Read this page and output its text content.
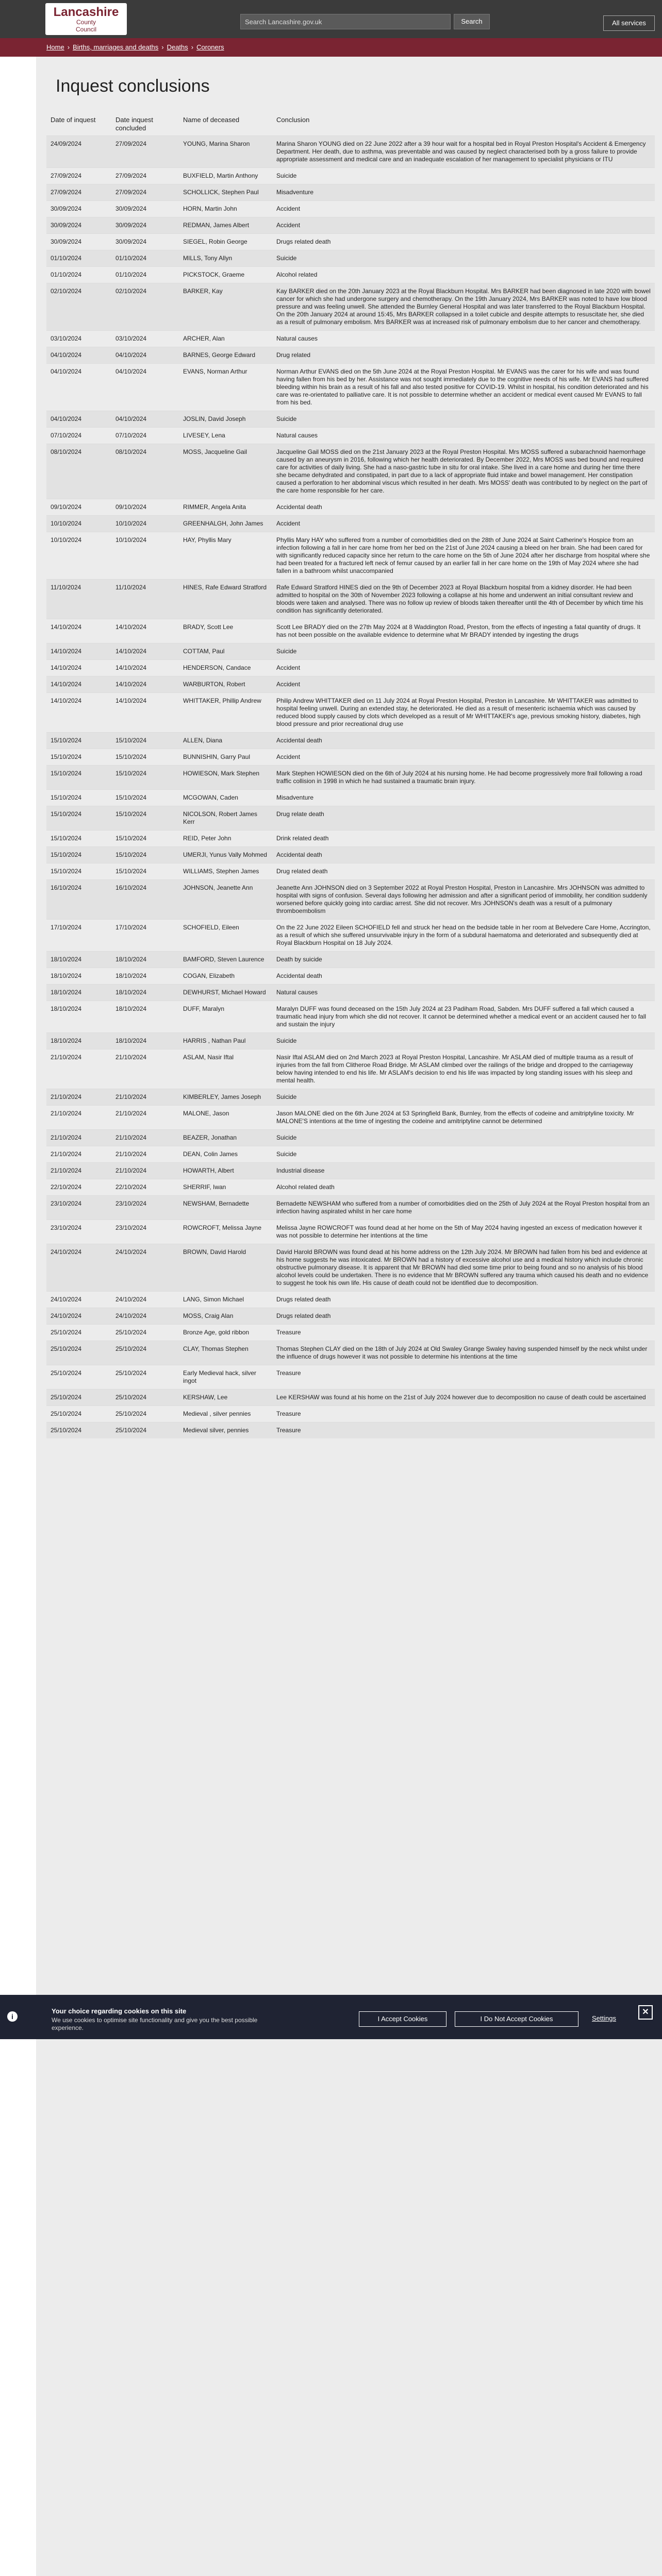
Lancashire
County
Council
Search Lancashire.gov.uk	Search	All services
Home › Births, marriages and deaths › Deaths › Coroners
Inquest conclusions
Date of inquest	Date inquest concluded	Name of deceased	Conclusion
24/09/2024	27/09/2024	YOUNG, Marina Sharon	Marina Sharon YOUNG died on 22 June 2022 after a 39 hour wait for a hospital bed in Royal Preston Hospital's Accident & Emergency Department. Her death, due to asthma, was preventable and was caused by neglect characterised both by a gross failure to provide appropriate assessment and medical care and an inadequate escalation of her management to specialist physicians or ITU
27/09/2024	27/09/2024	BUXFIELD, Martin Anthony	Suicide
27/09/2024	27/09/2024	SCHOLLICK, Stephen Paul	Misadventure
30/09/2024	30/09/2024	HORN, Martin John	Accident
30/09/2024	30/09/2024	REDMAN, James Albert	Accident
30/09/2024	30/09/2024	SIEGEL, Robin George	Drugs related death
01/10/2024	01/10/2024	MILLS, Tony Allyn	Suicide
01/10/2024	01/10/2024	PICKSTOCK, Graeme	Alcohol related
02/10/2024	02/10/2024	BARKER, Kay	Kay BARKER died on the 20th January 2023 at the Royal Blackburn Hospital. Mrs BARKER had been diagnosed in late 2020 with bowel cancer for which she had undergone surgery and chemotherapy. On the 19th January 2024, Mrs BARKER was noted to have low blood pressure and was feeling unwell. She attended the Burnley General Hospital and was later transferred to the Royal Blackburn Hospital. On the 20th January 2024 at around 15:45, Mrs BARKER collapsed in a toilet cubicle and despite attempts to resuscitate her, she died as a result of pulmonary embolism. Mrs BARKER was at increased risk of pulmonary embolism due to her cancer and chemotherapy.
03/10/2024	03/10/2024	ARCHER, Alan	Natural causes
04/10/2024	04/10/2024	BARNES, George Edward	Drug related
04/10/2024	04/10/2024	EVANS, Norman Arthur	Norman Arthur EVANS died on the 5th June 2024 at the Royal Preston Hospital. Mr EVANS was the carer for his wife and was found having fallen from his bed by her. Assistance was not sought immediately due to the cognitive needs of his wife. Mr EVANS had suffered bleeding within his brain as a result of his fall and also tested positive for COVID-19. Whilst in hospital, his condition deteriorated and his care was re-orientated to palliative care. It is not possible to determine whether an accident or medical event caused Mr EVANS to fall from his bed.
04/10/2024	04/10/2024	JOSLIN, David Joseph	Suicide
07/10/2024	07/10/2024	LIVESEY, Lena	Natural causes
08/10/2024	08/10/2024	MOSS, Jacqueline Gail	Jacqueline Gail MOSS died on the 21st January 2023 at the Royal Preston Hospital. Mrs MOSS suffered a subarachnoid haemorrhage caused by an aneurysm in 2016, following which her health deteriorated. By December 2022, Mrs MOSS was bed bound and required care for activities of daily living. She had a naso-gastric tube in situ for oral intake. She lived in a care home and during her time there she became dehydrated and constipated, in part due to a lack of appropriate fluid intake and bowel management. Her constipation caused a perforation to her abdominal viscus which resulted in her death. Mrs MOSS' death was contributed to by neglect on the part of the care home responsible for her care.
09/10/2024	09/10/2024	RIMMER, Angela Anita	Accidental death
10/10/2024	10/10/2024	GREENHALGH, John James	Accident
10/10/2024	10/10/2024	HAY, Phyllis Mary	Phyllis Mary HAY who suffered from a number of comorbidities died on the 28th of June 2024 at Saint Catherine's Hospice from an infection following a fall in her care home from her bed on the 21st of June 2024 causing a bleed on her brain. She had been cared for with significantly reduced capacity since her return to the care home on the 5th of June 2024 after her discharge from hospital where she had been treated for a fractured left neck of femur caused by an earlier fall in her care home on the 19th of May 2024 where she had fallen in a bathroom whilst unaccompanied
11/10/2024	11/10/2024	HINES, Rafe Edward Stratford	Rafe Edward Stratford HINES died on the 9th of December 2023 at Royal Blackburn hospital from a kidney disorder. He had been admitted to hospital on the 30th of November 2023 following a collapse at his home and underwent an initial consultant review and bloods were taken and analysed. There was no follow up review of bloods taken thereafter until the 4th of December by which time his condition has significantly deteriorated.
14/10/2024	14/10/2024	BRADY, Scott Lee	Scott Lee BRADY died on the 27th May 2024 at 8 Waddington Road, Preston, from the effects of ingesting a fatal quantity of drugs. It has not been possible on the available evidence to determine what Mr BRADY intended by ingesting the drugs
14/10/2024	14/10/2024	COTTAM, Paul	Suicide
14/10/2024	14/10/2024	HENDERSON, Candace	Accident
14/10/2024	14/10/2024	WARBURTON, Robert	Accident
14/10/2024	14/10/2024	WHITTAKER, Phillip Andrew	Philip Andrew WHITTAKER died on 11 July 2024 at Royal Preston Hospital, Preston in Lancashire. Mr WHITTAKER was admitted to hospital feeling unwell. During an extended stay, he deteriorated. He died as a result of mesenteric ischaemia which was caused by reduced blood supply caused by clots which developed as a result of Mr WHITTAKER's age, previous smoking history, diabetes, high blood pressure and prior recreational drug use
15/10/2024	15/10/2024	ALLEN, Diana	Accidental death
15/10/2024	15/10/2024	BUNNISHIN, Garry Paul	Accident
15/10/2024	15/10/2024	HOWIESON, Mark Stephen	Mark Stephen HOWIESON died on the 6th of July 2024 at his nursing home. He had become progressively more frail following a road traffic collision in 1998 in which he had sustained a traumatic brain injury.
15/10/2024	15/10/2024	MCGOWAN, Caden	Misadventure
15/10/2024	15/10/2024	NICOLSON, Robert James Kerr	Drug relate death
15/10/2024	15/10/2024	REID, Peter John	Drink related death
15/10/2024	15/10/2024	UMERJI, Yunus Vally Mohmed	Accidental death
15/10/2024	15/10/2024	WILLIAMS, Stephen James	Drug related death
16/10/2024	16/10/2024	JOHNSON, Jeanette Ann	Jeanette Ann JOHNSON died on 3 September 2022 at Royal Preston Hospital, Preston in Lancashire. Mrs JOHNSON was admitted to hospital with signs of confusion. Several days following her admission and after a significant period of immobility, her condition suddenly worsened before quickly going into cardiac arrest. She did not recover. Mrs JOHNSON's death was a result of a pulmonary thromboembolism
17/10/2024	17/10/2024	SCHOFIELD, Eileen	On the 22 June 2022 Eileen SCHOFIELD fell and struck her head on the bedside table in her room at Belvedere Care Home, Accrington, as a result of which she suffered unsurvivable injury in the form of a subdural haematoma and deteriorated and subsequently died at Royal Blackburn Hospital on 18 July 2024.
18/10/2024	18/10/2024	BAMFORD, Steven Laurence	Death by suicide
18/10/2024	18/10/2024	COGAN, Elizabeth	Accidental death
18/10/2024	18/10/2024	DEWHURST, Michael Howard	Natural causes
18/10/2024	18/10/2024	DUFF, Maralyn	Maralyn DUFF was found deceased on the 15th July 2024 at 23 Padiham Road, Sabden. Mrs DUFF suffered a fall which caused a traumatic head injury from which she did not recover. It cannot be determined whether a medical event or an accident caused her to fall and sustain the injury
18/10/2024	18/10/2024	HARRIS , Nathan Paul	Suicide
21/10/2024	21/10/2024	ASLAM, Nasir Iftal	Nasir Iftal ASLAM died on 2nd March 2023 at Royal Preston Hospital, Lancashire. Mr ASLAM died of multiple trauma as a result of injuries from the fall from Clitheroe Road Bridge. Mr ASLAM climbed over the railings of the bridge and dropped to the carriageway below having intended to end his life. Mr ASLAM's decision to end his life was impacted by long standing issues with his sleep and mental health.
21/10/2024	21/10/2024	KIMBERLEY, James Joseph	Suicide
21/10/2024	21/10/2024	MALONE, Jason	Jason MALONE died on the 6th June 2024 at 53 Springfield Bank, Burnley, from the effects of codeine and amitriptyline toxicity. Mr MALONE'S intentions at the time of ingesting the codeine and amitriptyline cannot be determined
21/10/2024	21/10/2024	BEAZER, Jonathan	Suicide
21/10/2024	21/10/2024	DEAN, Colin James	Suicide
21/10/2024	21/10/2024	HOWARTH, Albert	Industrial disease
22/10/2024	22/10/2024	SHERRIF, Iwan	Alcohol related death
23/10/2024	23/10/2024	NEWSHAM, Bernadette	Bernadette NEWSHAM who suffered from a number of comorbidities died on the 25th of July 2024 at the Royal Preston hospital from an infection having aspirated whilst in her care home
23/10/2024	23/10/2024	ROWCROFT, Melissa Jayne	Melissa Jayne ROWCROFT was found dead at her home on the 5th of May 2024 having ingested an excess of medication however it was not possible to determine her intentions at the time
24/10/2024	24/10/2024	BROWN, David Harold	David Harold BROWN was found dead at his home address on the 12th July 2024. Mr BROWN had fallen from his bed and evidence at his home suggests he was intoxicated. Mr BROWN had a history of excessive alcohol use and a medical history which include chronic obstructive pulmonary disease. It is apparent that Mr BROWN had died some time prior to being found and so no analysis of his blood alcohol levels could be undertaken. There is no evidence that Mr BROWN suffered any trauma which caused his death and no evidence to suggest he took his own life. His cause of death could not be identified due to decomposition.
24/10/2024	24/10/2024	LANG, Simon Michael	Drugs related death
24/10/2024	24/10/2024	MOSS, Craig Alan	Drugs related death
25/10/2024	25/10/2024	Bronze Age, gold ribbon	Treasure
25/10/2024	25/10/2024	CLAY, Thomas Stephen	Thomas Stephen CLAY died on the 18th of July 2024 at Old Swaley Grange Swaley having suspended himself by the neck whilst under the influence of drugs however it was not possible to determine his intentions at the time
25/10/2024	25/10/2024	Early Medieval hack, silver ingot	Treasure
25/10/2024	25/10/2024	KERSHAW, Lee	Lee KERSHAW was found at his home on the 21st of July 2024 however due to decomposition no cause of death could be ascertained
25/10/2024	25/10/2024	Medieval , silver pennies	Treasure
25/10/2024	25/10/2024	Medieval silver, pennies	Treasure
i
Your choice regarding cookies on this site
We use cookies to optimise site functionality and give you the best possible experience.
I Accept Cookies	I Do Not Accept Cookies	Settings
✕
